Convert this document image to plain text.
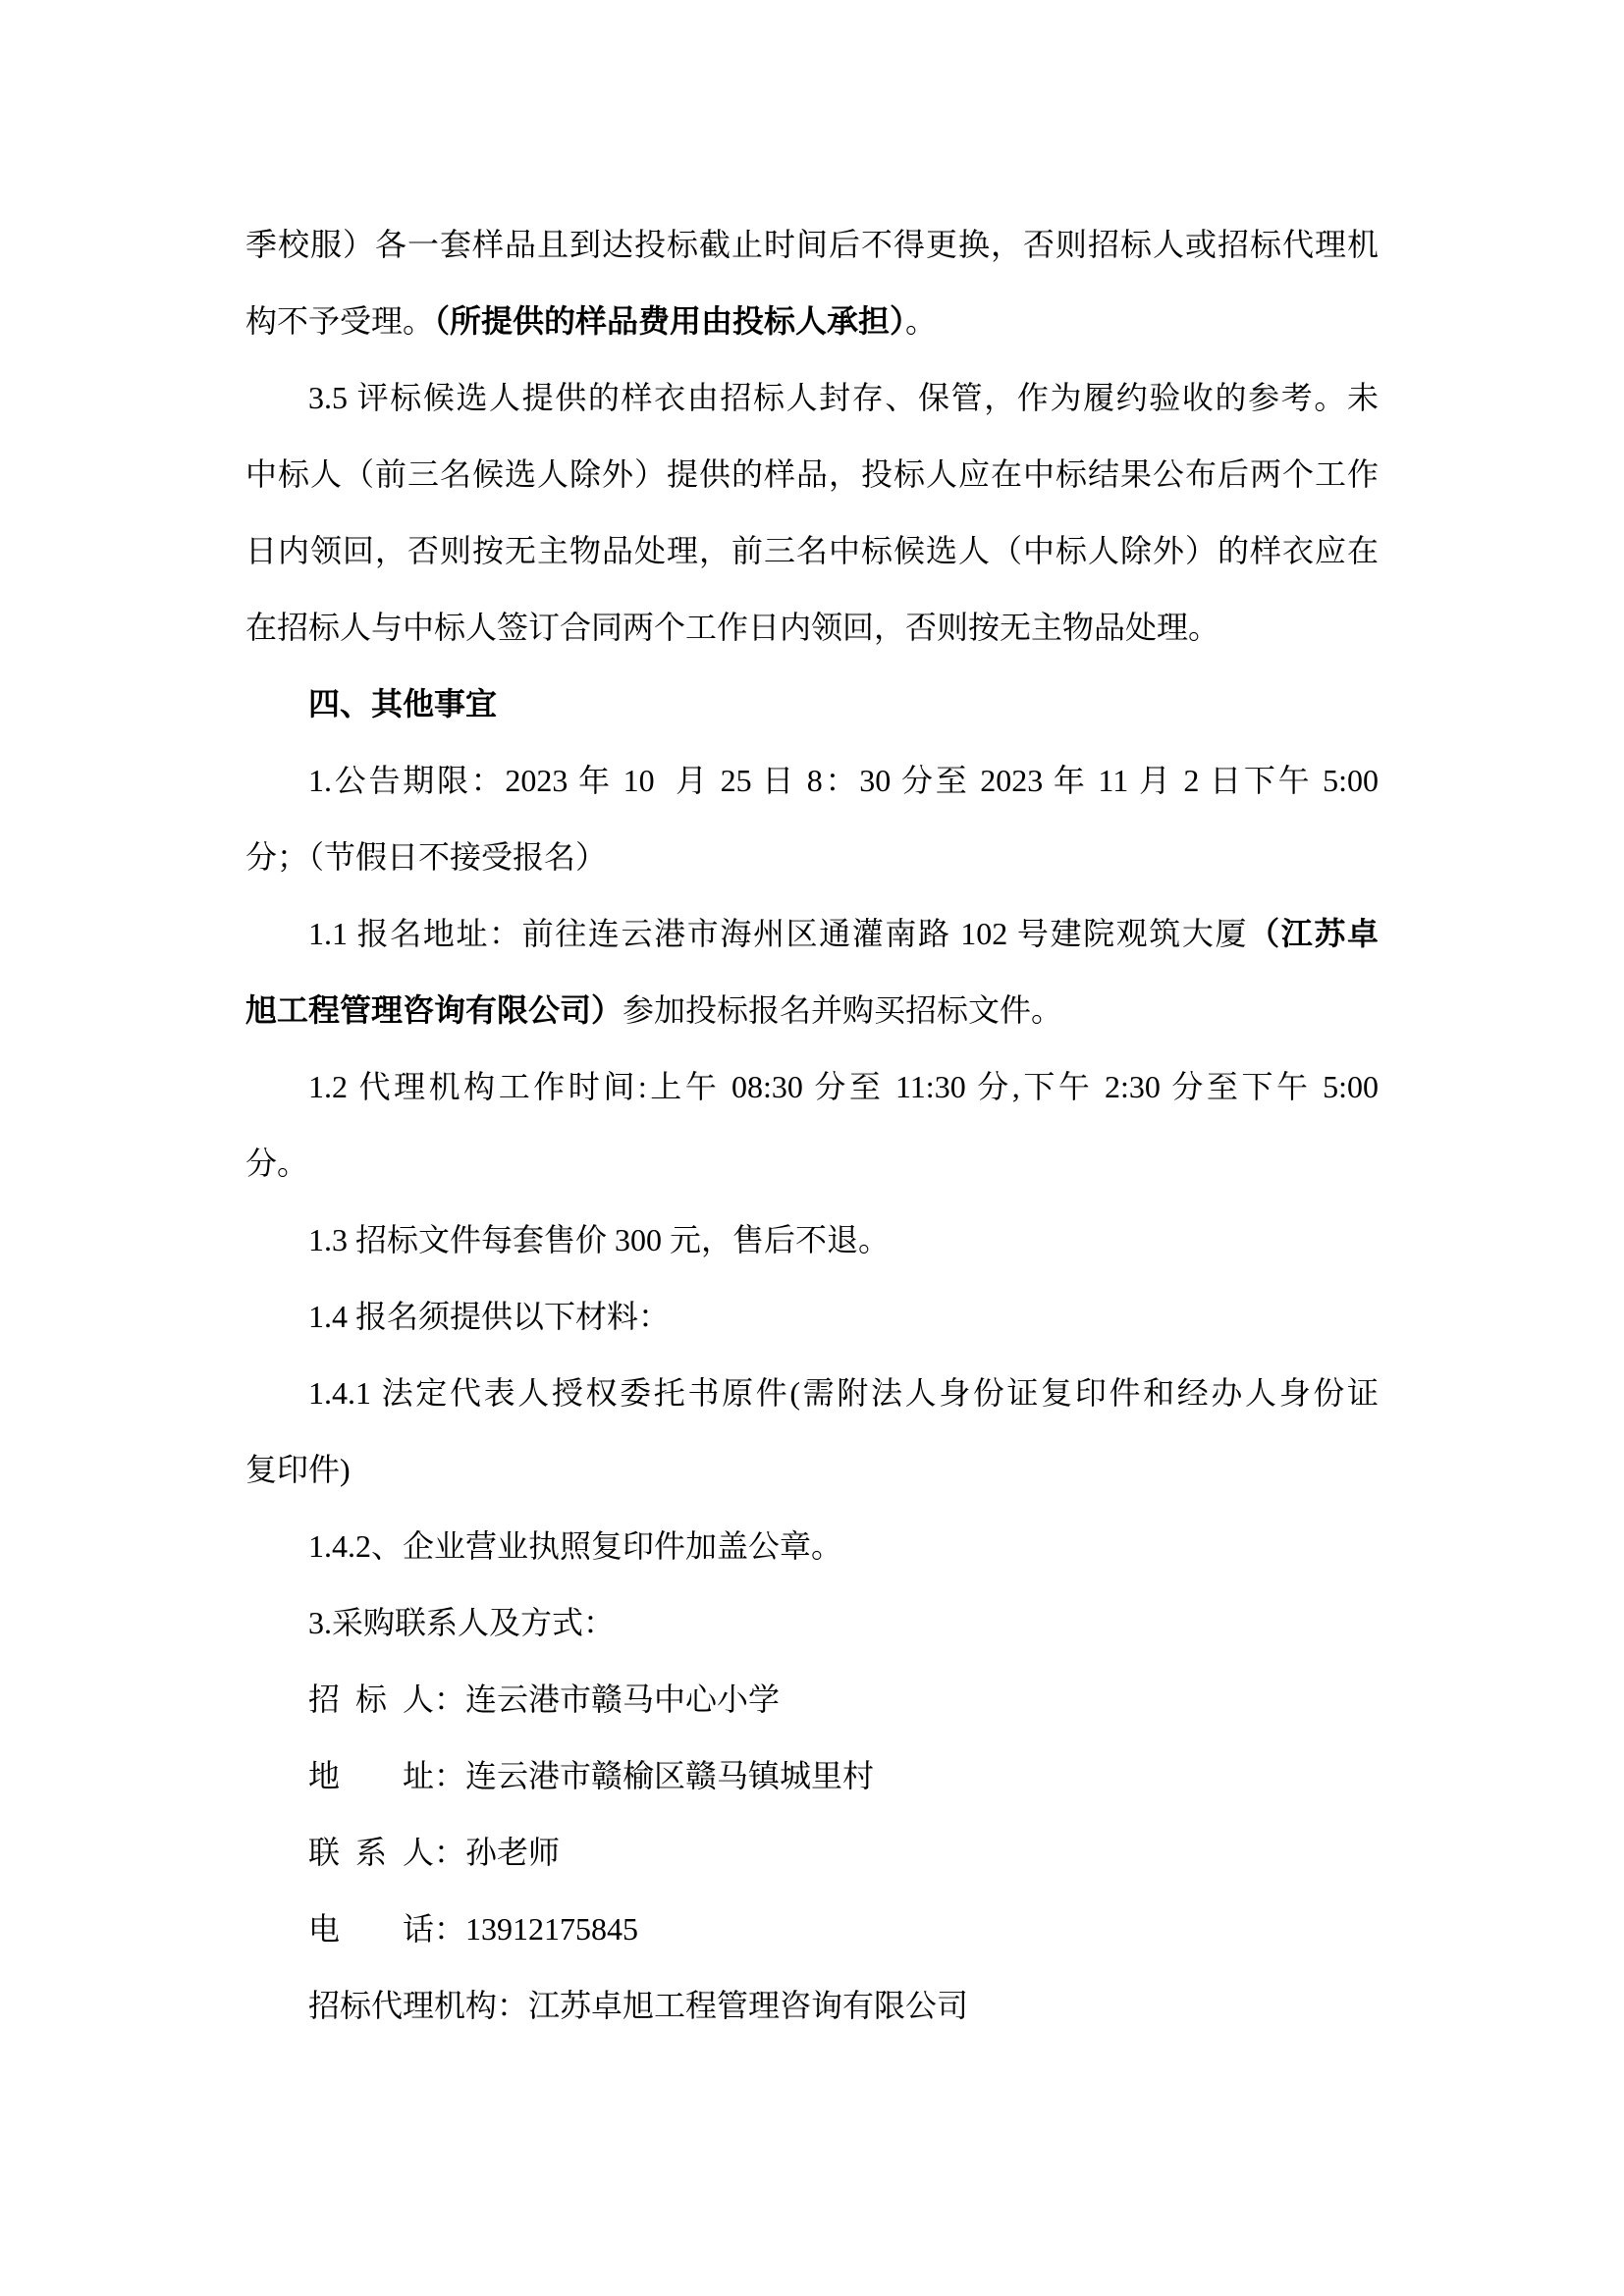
季校服）各一套样品且到达投标截止时间后不得更换，否则招标人或招标代理机
构不予受理。（所提供的样品费用由投标人承担）。
3.5 评标候选人提供的样衣由招标人封存、保管，作为履约验收的参考。未
中标人（前三名候选人除外）提供的样品，投标人应在中标结果公布后两个工作
日内领回，否则按无主物品处理，前三名中标候选人（中标人除外）的样衣应在
在招标人与中标人签订合同两个工作日内领回，否则按无主物品处理。
四、其他事宜
1.公告期限：2023 年 10  月 25 日 8：30 分至 2023 年 11 月 2 日下午 5:00
分；（节假日不接受报名）
1.1 报名地址：前往连云港市海州区通灌南路 102 号建院观筑大厦（江苏卓
旭工程管理咨询有限公司）参加投标报名并购买招标文件。
1.2 代理机构工作时间:上午 08:30 分至 11:30 分,下午 2:30 分至下午 5:00
分。
1.3 招标文件每套售价 300 元，售后不退。
1.4 报名须提供以下材料：
1.4.1 法定代表人授权委托书原件(需附法人身份证复印件和经办人身份证
复印件)
1.4.2、企业营业执照复印件加盖公章。
3.采购联系人及方式：
招  标  人：连云港市赣马中心小学
地        址：连云港市赣榆区赣马镇城里村
联  系  人：孙老师
电        话：13912175845
招标代理机构：江苏卓旭工程管理咨询有限公司
